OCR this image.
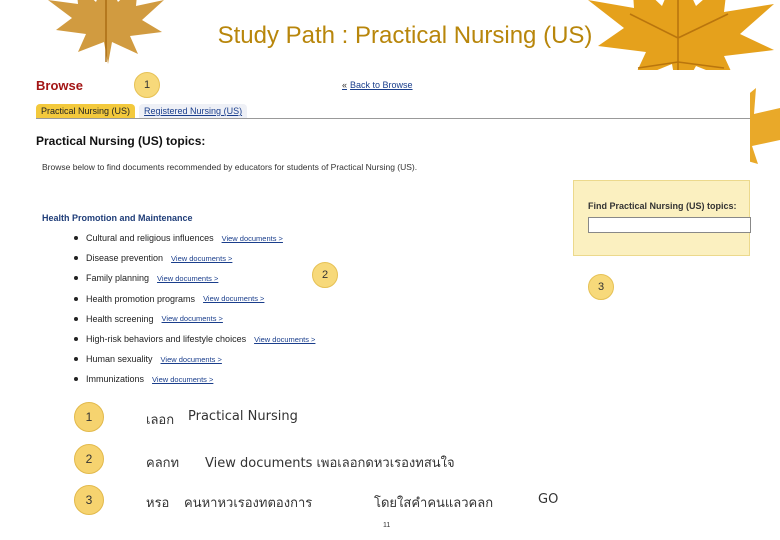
Study Path : Practical Nursing (US)
Browse	« Back to Browse
Practical Nursing (US)	Registered Nursing (US)
Practical Nursing (US) topics:
Browse below to find documents recommended by educators for students of Practical Nursing (US).
Health Promotion and Maintenance
Cultural and religious influences View documents >
Disease prevention View documents >
Family planning View documents >
Health promotion programs View documents >
Health screening View documents >
High-risk behaviors and lifestyle choices View documents >
Human sexuality View documents >
Immunizations View documents >
Find Practical Nursing (US) topics:
1
2
3
1	เลอก Practical Nursing
2	คลกท View documents เพอเลอกดหวเรองทสนใจ
3	หรอ คนหาหวเรองทตองการ	โดยใสคำคนแลวคลก	GO
11
